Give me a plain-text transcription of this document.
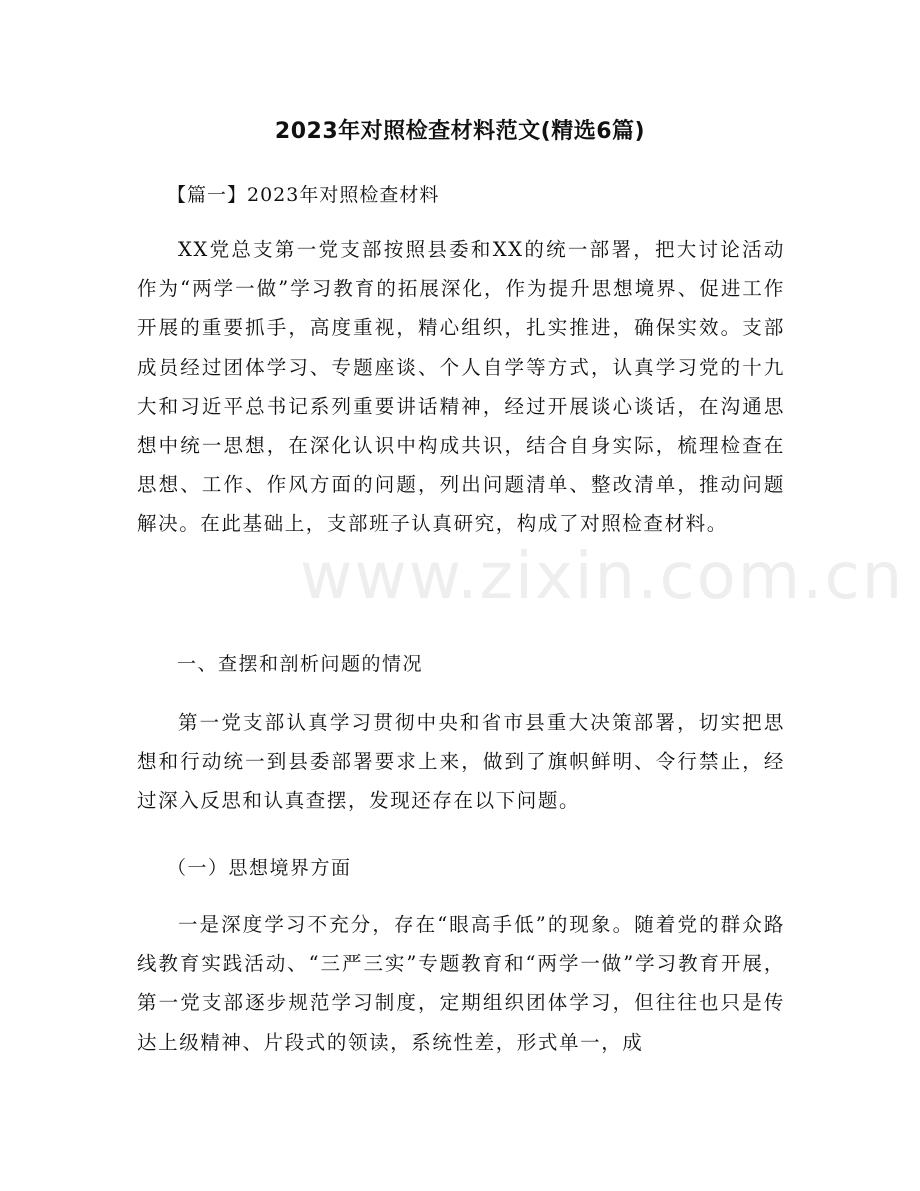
2023年对照检查材料范文(精选6篇)
【篇一】2023年对照检查材料

XX党总支第一党支部按照县委和XX的统一部署，把大讨论活动作为“两学一做”学习教育的拓展深化，作为提升思想境界、促进工作开展的重要抓手，高度重视，精心组织，扎实推进，确保实效。支部成员经过团体学习、专题座谈、个人自学等方式，认真学习党的十九大和习近平总书记系列重要讲话精神，经过开展谈心谈话，在沟通思想中统一思想，在深化认识中构成共识，结合自身实际，梳理检查在思想、工作、作风方面的问题，列出问题清单、整改清单，推动问题解决。在此基础上，支部班子认真研究，构成了对照检查材料。

一、查摆和剖析问题的情况

第一党支部认真学习贯彻中央和省市县重大决策部署，切实把思想和行动统一到县委部署要求上来，做到了旗帜鲜明、令行禁止，经过深入反思和认真查摆，发现还存在以下问题。

（一）思想境界方面

一是深度学习不充分，存在“眼高手低”的现象。随着党的群众路线教育实践活动、“三严三实”专题教育和“两学一做”学习教育开展，第一党支部逐步规范学习制度，定期组织团体学习，但往往也只是传达上级精神、片段式的领读，系统性差，形式单一，成

www.zixin.com.cn
